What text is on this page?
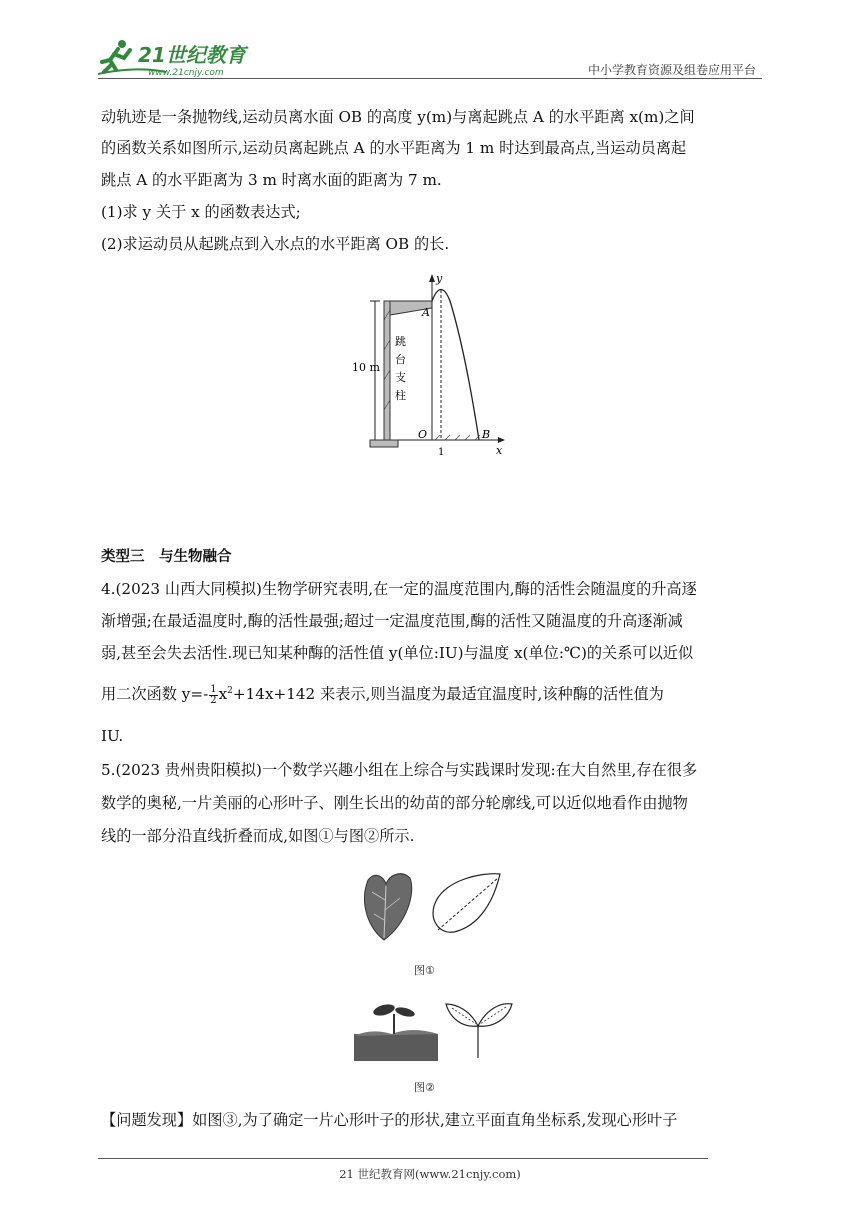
21世纪教育
www.21cnjy.com	中小学教育资源及组卷应用平台
动轨迹是一条抛物线,运动员离水面 OB 的高度 y(m)与离起跳点 A 的水平距离 x(m)之间
的函数关系如图所示,运动员离起跳点 A 的水平距离为 1 m 时达到最高点,当运动员离起
跳点 A 的水平距离为 3 m 时离水面的距离为 7 m.
(1)求 y 关于 x 的函数表达式;
(2)求运动员从起跳点到入水点的水平距离 OB 的长.
10 m
跳
台
支
柱
A
O	B
x
y
1
类型三　与生物融合
4.(2023 山西大同模拟)生物学研究表明,在一定的温度范围内,酶的活性会随温度的升高逐
渐增强;在最适温度时,酶的活性最强;超过一定温度范围,酶的活性又随温度的升高逐渐减
弱,甚至会失去活性.现已知某种酶的活性值 y(单位:IU)与温度 x(单位:℃)的关系可以近似
用二次函数 $y=- \frac{1}{2} x^2+14x+142$ 来表示,则当温度为最适宜温度时,该种酶的活性值为
IU.
5.(2023 贵州贵阳模拟)一个数学兴趣小组在上综合与实践课时发现:在大自然里,存在很多
数学的奥秘,一片美丽的心形叶子、刚生长出的幼苗的部分轮廓线,可以近似地看作由抛物
线的一部分沿直线折叠而成,如图①与图②所示.
图①
图②
【问题发现】如图③,为了确定一片心形叶子的形状,建立平面直角坐标系,发现心形叶子
21 世纪教育网(www.21cnjy.com)
